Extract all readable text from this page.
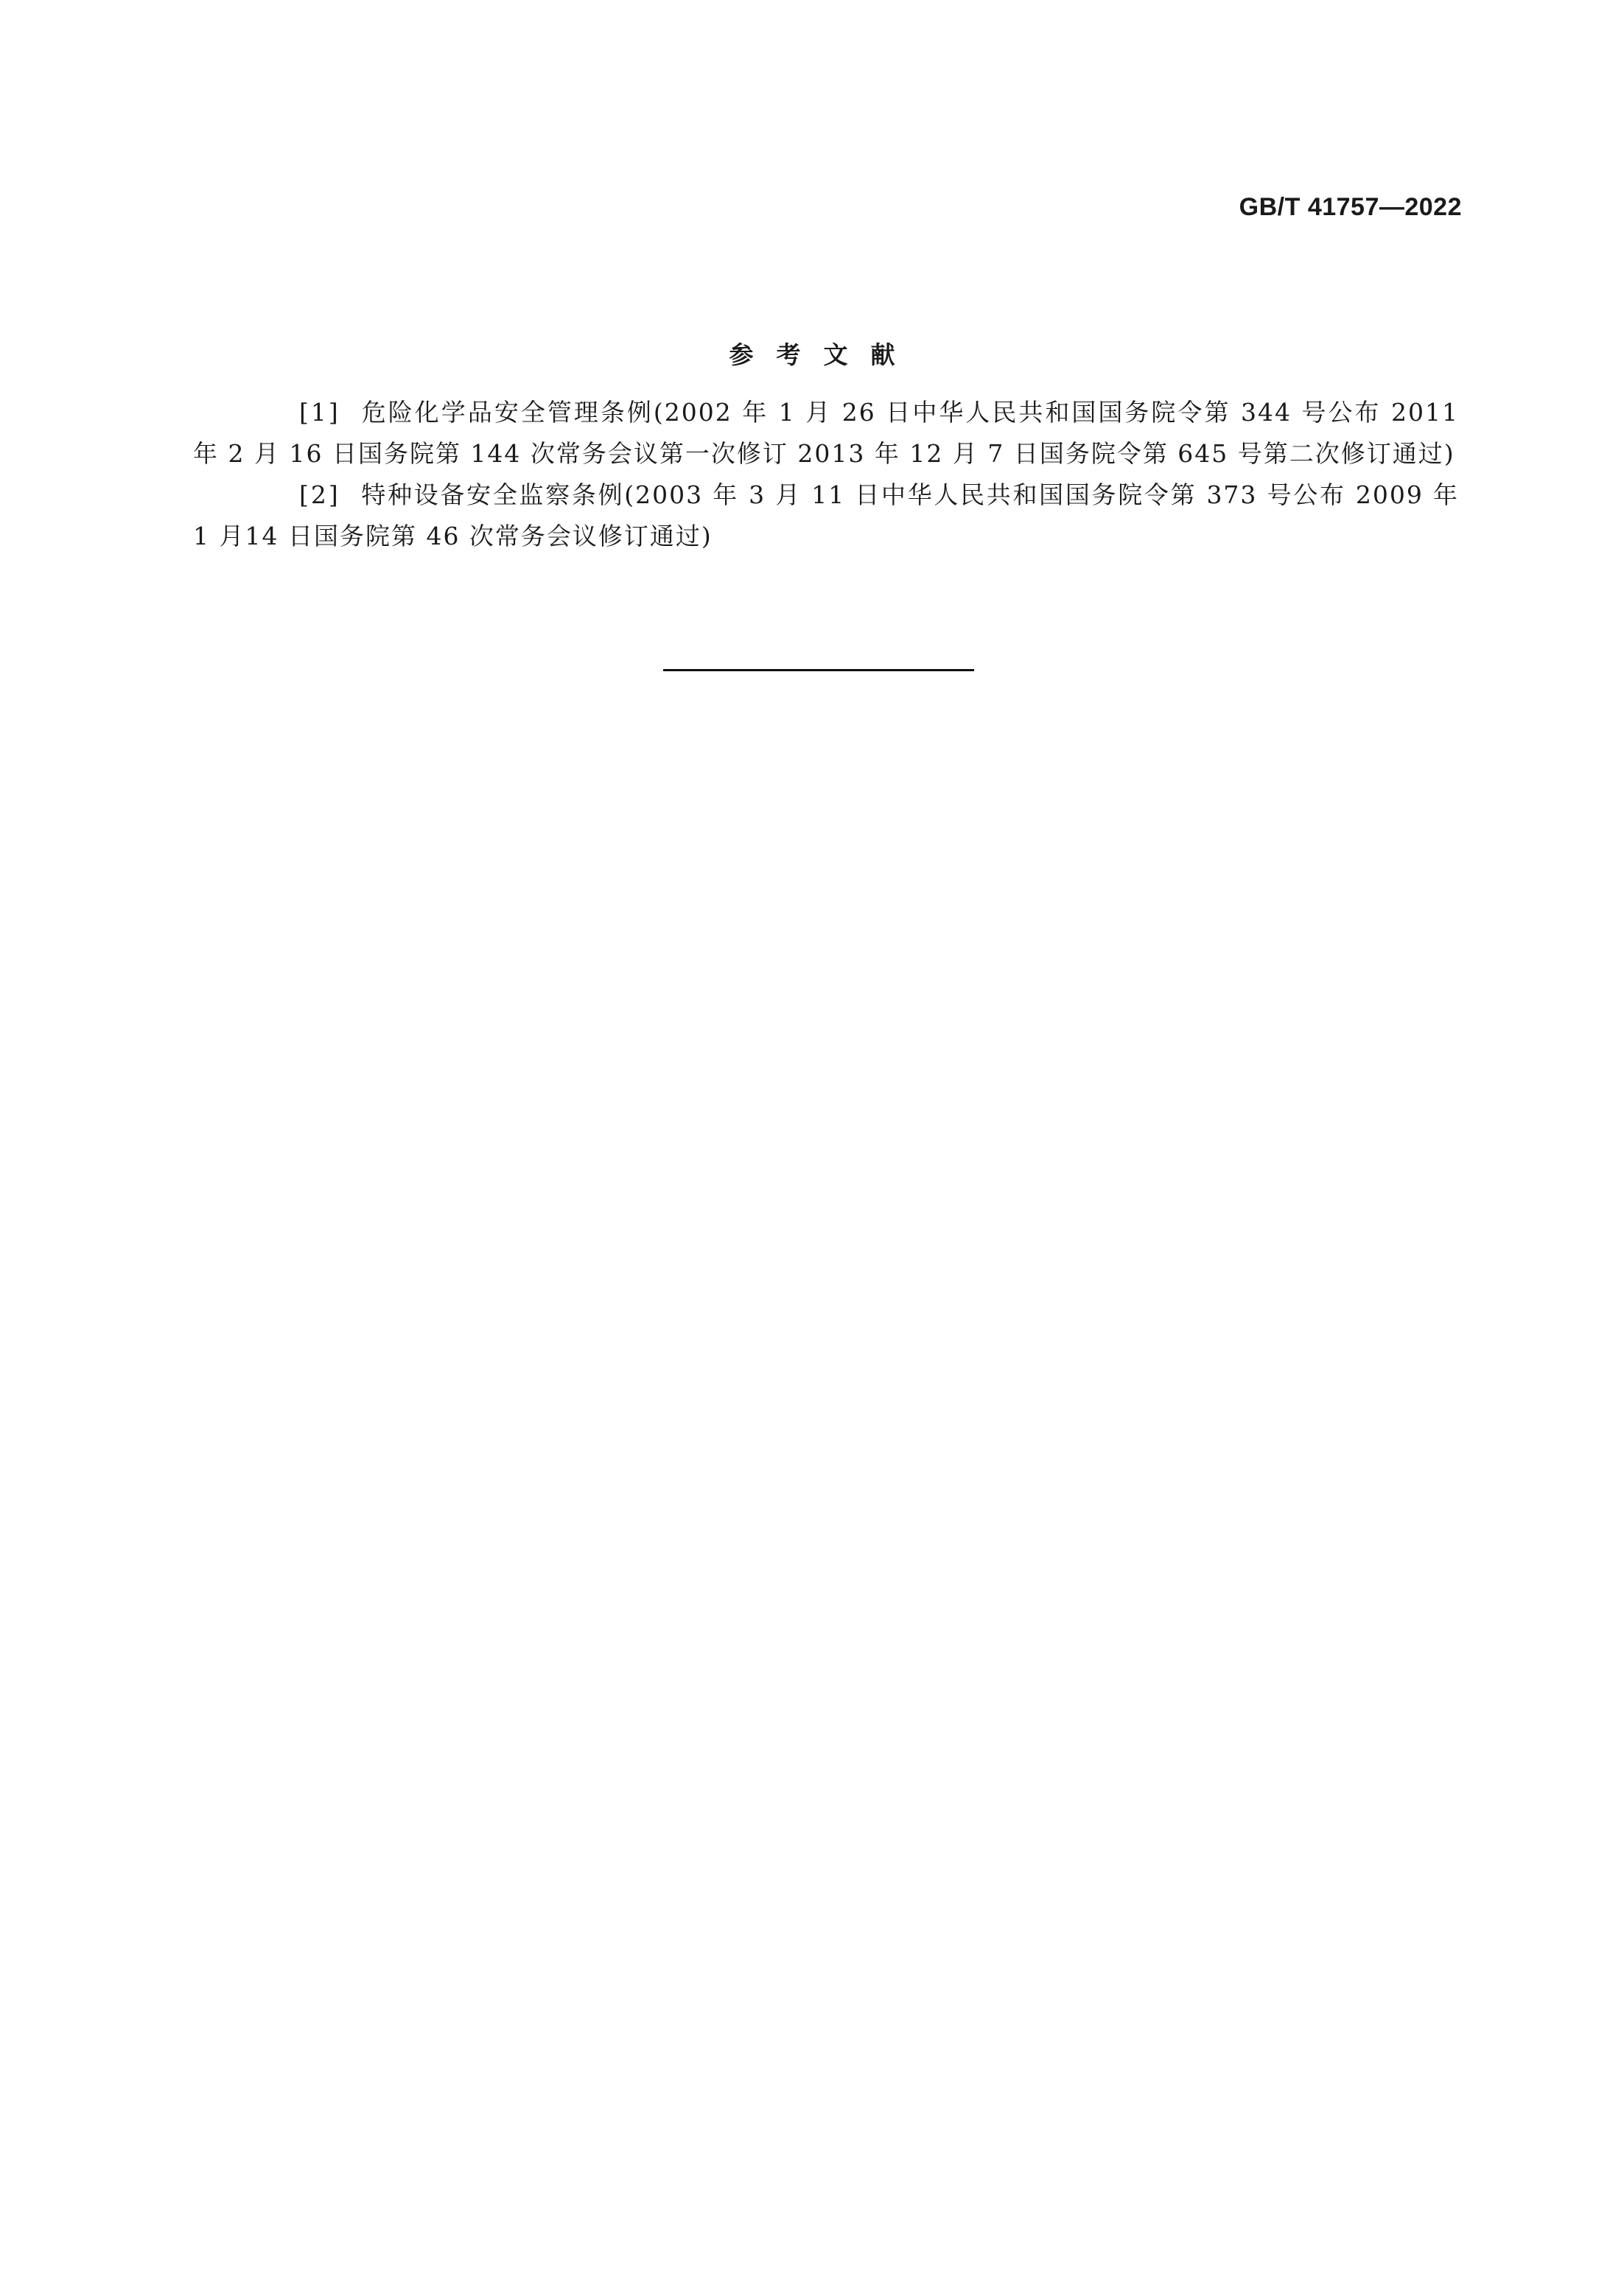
GB/T 41757—2022
参考文献
[1] 危险化学品安全管理条例(2002 年 1 月 26 日中华人民共和国国务院令第 344 号公布 2011 年 2 月 16 日国务院第 144 次常务会议第一次修订 2013 年 12 月 7 日国务院令第 645 号第二次修订通过)
[2] 特种设备安全监察条例(2003 年 3 月 11 日中华人民共和国国务院令第 373 号公布 2009 年 1 月14 日国务院第 46 次常务会议修订通过)
